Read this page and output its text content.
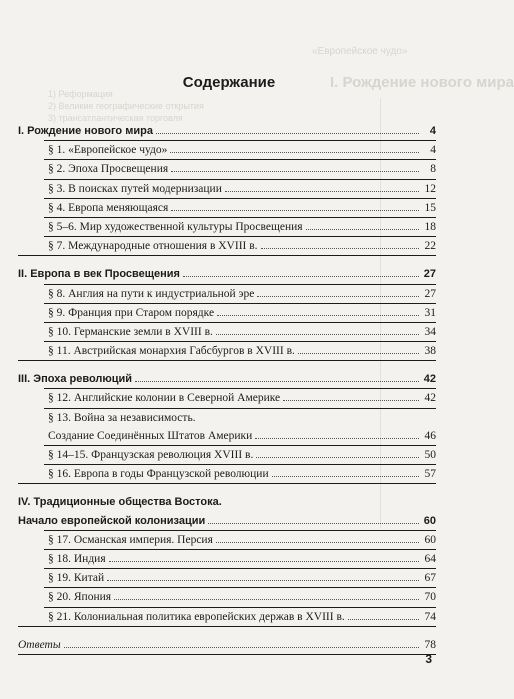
«Европейское чудо»
I. Рождение нового мира
1) Реформация
2) Великие географические открытия
3) трансатлантическая торговля
Содержание
I. Рождение нового мира	4
§ 1. «Европейское чудо»	4
§ 2. Эпоха Просвещения	8
§ 3. В поисках путей модернизации	12
§ 4. Европа меняющаяся	15
§ 5–6. Мир художественной культуры Просвещения	18
§ 7. Международные отношения в XVIII в.	22
II. Европа в век Просвещения	27
§ 8. Англия на пути к индустриальной эре	27
§ 9. Франция при Старом порядке	31
§ 10. Германские земли в XVIII в.	34
§ 11. Австрийская монархия Габсбургов в XVIII в.	38
III. Эпоха революций	42
§ 12. Английские колонии в Северной Америке	42
§ 13. Война за независимость.
Создание Соединённых Штатов Америки	46
§ 14–15. Французская революция XVIII в.	50
§ 16. Европа в годы Французской революции	57
IV. Традиционные общества Востока.
Начало европейской колонизации	60
§ 17. Османская империя. Персия	60
§ 18. Индия	64
§ 19. Китай	67
§ 20. Япония	70
§ 21. Колониальная политика европейских держав в XVIII в.	74
Ответы	78
3
